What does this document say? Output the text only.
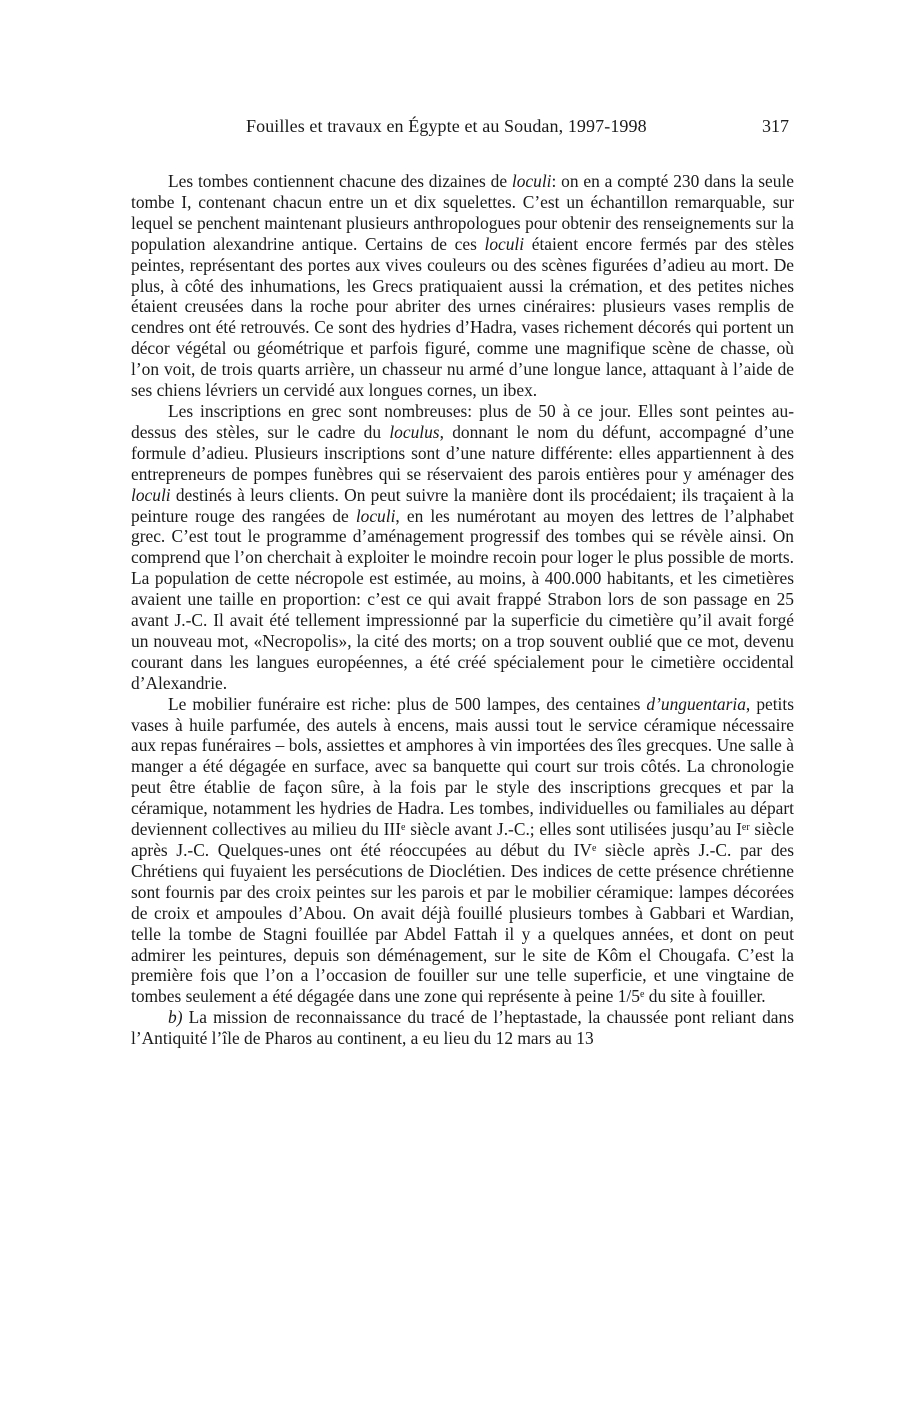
Fouilles et travaux en Égypte et au Soudan, 1997-1998	317

Les tombes contiennent chacune des dizaines de loculi: on en a compté 230 dans la seule tombe I, contenant chacun entre un et dix squelettes. C’est un échantillon remarquable, sur lequel se penchent maintenant plusieurs anthropologues pour obtenir des renseignements sur la population alexandrine antique. Certains de ces loculi étaient encore fermés par des stèles peintes, représentant des portes aux vives couleurs ou des scènes figurées d’adieu au mort. De plus, à côté des inhumations, les Grecs pratiquaient aussi la crémation, et des petites niches étaient creusées dans la roche pour abriter des urnes cinéraires: plusieurs vases remplis de cendres ont été retrouvés. Ce sont des hydries d’Hadra, vases richement décorés qui portent un décor végétal ou géométrique et parfois figuré, comme une magnifique scène de chasse, où l’on voit, de trois quarts arrière, un chasseur nu armé d’une longue lance, attaquant à l’aide de ses chiens lévriers un cervidé aux longues cornes, un ibex.

Les inscriptions en grec sont nombreuses: plus de 50 à ce jour. Elles sont peintes au-dessus des stèles, sur le cadre du loculus, donnant le nom du défunt, accompagné d’une formule d’adieu. Plusieurs inscriptions sont d’une nature différente: elles appartiennent à des entrepreneurs de pompes funèbres qui se réservaient des parois entières pour y aménager des loculi destinés à leurs clients. On peut suivre la manière dont ils procédaient; ils traçaient à la peinture rouge des rangées de loculi, en les numérotant au moyen des lettres de l’alphabet grec. C’est tout le programme d’aménagement progressif des tombes qui se révèle ainsi. On comprend que l’on cherchait à exploiter le moindre recoin pour loger le plus possible de morts. La population de cette nécropole est estimée, au moins, à 400.000 habitants, et les cimetières avaient une taille en proportion: c’est ce qui avait frappé Strabon lors de son passage en 25 avant J.-C. Il avait été tellement impressionné par la superficie du cimetière qu’il avait forgé un nouveau mot, «Necropolis», la cité des morts; on a trop souvent oublié que ce mot, devenu courant dans les langues européennes, a été créé spécialement pour le cimetière occidental d’Alexandrie.

Le mobilier funéraire est riche: plus de 500 lampes, des centaines d’unguentaria, petits vases à huile parfumée, des autels à encens, mais aussi tout le service céramique nécessaire aux repas funéraires – bols, assiettes et amphores à vin importées des îles grecques. Une salle à manger a été dégagée en surface, avec sa banquette qui court sur trois côtés. La chronologie peut être établie de façon sûre, à la fois par le style des inscriptions grecques et par la céramique, notamment les hydries de Hadra. Les tombes, individuelles ou familiales au départ deviennent collectives au milieu du IIIe siècle avant J.-C.; elles sont utilisées jusqu’au Ier siècle après J.-C. Quelques-unes ont été réoccupées au début du IVe siècle après J.-C. par des Chrétiens qui fuyaient les persécutions de Dioclétien. Des indices de cette présence chrétienne sont fournis par des croix peintes sur les parois et par le mobilier céramique: lampes décorées de croix et ampoules d’Abou. On avait déjà fouillé plusieurs tombes à Gabbari et Wardian, telle la tombe de Stagni fouillée par Abdel Fattah il y a quelques années, et dont on peut admirer les peintures, depuis son déménagement, sur le site de Kôm el Chougafa. C’est la première fois que l’on a l’occasion de fouiller sur une telle superficie, et une vingtaine de tombes seulement a été dégagée dans une zone qui représente à peine 1/5e du site à fouiller.

b) La mission de reconnaissance du tracé de l’heptastade, la chaussée pont reliant dans l’Antiquité l’île de Pharos au continent, a eu lieu du 12 mars au 13
